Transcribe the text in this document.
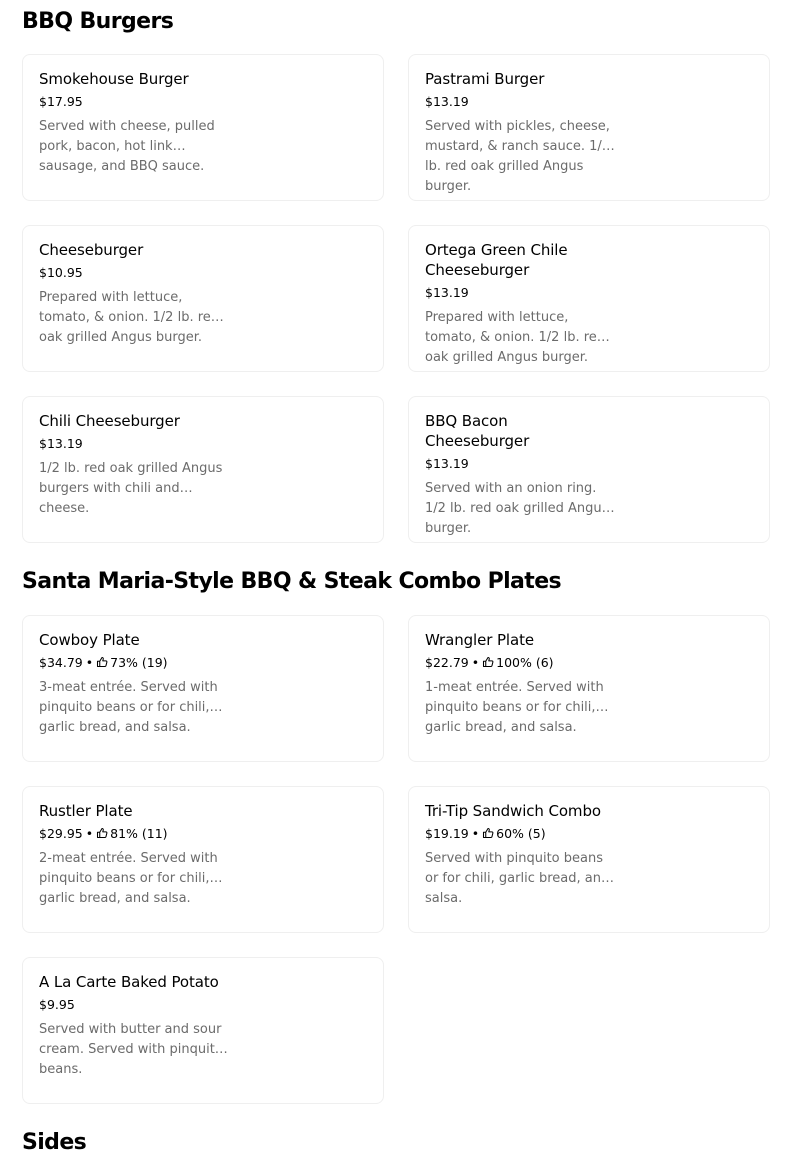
BBQ Burgers
Smokehouse Burger
$17.95
Served with cheese, pulled pork, bacon, hot link sausage, and BBQ sauce.
Pastrami Burger
$13.19
Served with pickles, cheese, mustard, & ranch sauce. 1/2 lb. red oak grilled Angus burger.
Cheeseburger
$10.95
Prepared with lettuce, tomato, & onion. 1/2 lb. red oak grilled Angus burger.
Ortega Green Chile Cheeseburger
$13.19
Prepared with lettuce, tomato, & onion. 1/2 lb. red oak grilled Angus burger.
Chili Cheeseburger
$13.19
1/2 lb. red oak grilled Angus burgers with chili and cheese.
BBQ Bacon Cheeseburger
$13.19
Served with an onion ring. 1/2 lb. red oak grilled Angus burger.
Santa Maria-Style BBQ & Steak Combo Plates
Cowboy Plate
$34.79 • 73% (19)
3-meat entrée. Served with pinquito beans or for chili, garlic bread, and salsa.
Wrangler Plate
$22.79 • 100% (6)
1-meat entrée. Served with pinquito beans or for chili, garlic bread, and salsa.
Rustler Plate
$29.95 • 81% (11)
2-meat entrée. Served with pinquito beans or for chili, garlic bread, and salsa.
Tri-Tip Sandwich Combo
$19.19 • 60% (5)
Served with pinquito beans or for chili, garlic bread, and salsa.
A La Carte Baked Potato
$9.95
Served with butter and sour cream. Served with pinquito beans.
Sides
